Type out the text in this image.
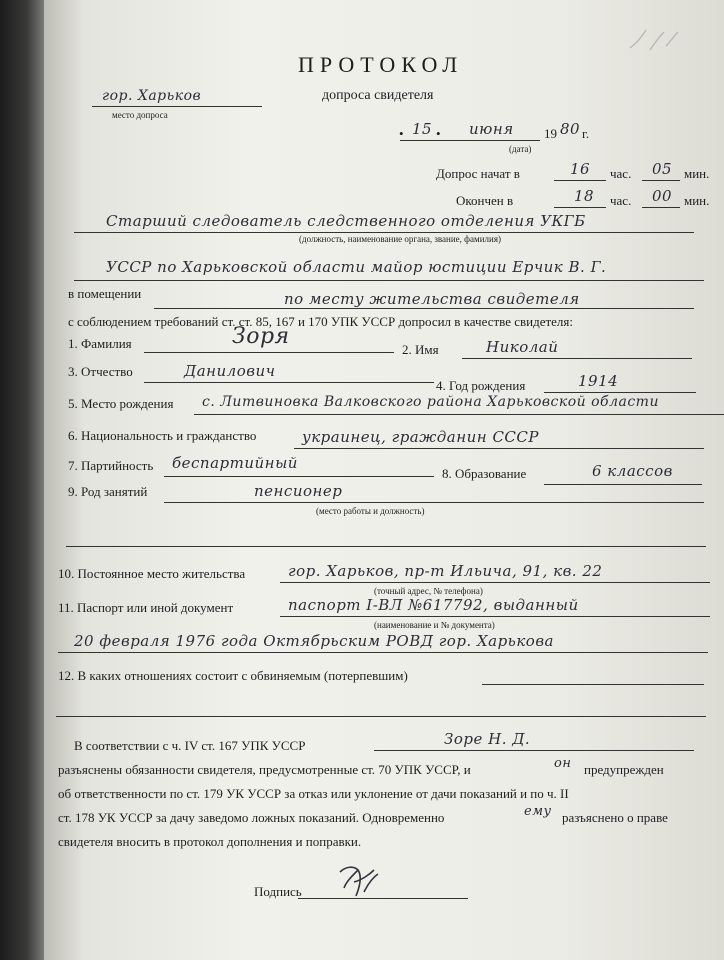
ПРОТОКОЛ
допроса свидетеля
гор. Харьков
место допроса
• 15 • июня 19 80 г.
(дата)
Допрос начат в	16 час. 05 мин.
Окончен в	18 час. 00 мин.
Старший следователь следственного отделения УКГБ
(должность, наименование органа, звание, фамилия)
УССР по Харьковской области майор юстиции Ерчик В. Г.
в помещении	по месту жительства свидетеля
с соблюдением требований ст. ст. 85, 167 и 170 УПК УССР допросил в качестве свидетеля:
1. Фамилия	Зоря
2. Имя	Николай
3. Отчество	Данилович
4. Год рождения	1914
5. Место рождения с. Литвиновка Валковского района Харьковской области
6. Национальность и гражданство	украинец, гражданин СССР
7. Партийность беспартийный
8. Образование	6 классов
9. Род занятий	пенсионер
(место работы и должность)
10. Постоянное место жительства	гор. Харьков, пр-т Ильича, 91, кв. 22
(точный адрес, № телефона)
11. Паспорт или иной документ	паспорт I-ВЛ №617792, выданный
(наименование и № документа)
20 февраля 1976 года Октябрьским РОВД гор. Харькова
12. В каких отношениях состоит с обвиняемым (потерпевшим)
В соответствии с ч. IV ст. 167 УПК УССР	Зоре Н. Д.
разъяснены обязанности свидетеля, предусмотренные ст. 70 УПК УССР, и	он предупрежден
об ответственности по ст. 179 УК УССР за отказ или уклонение от дачи показаний и по ч. II
ст. 178 УК УССР за дачу заведомо ложных показаний. Одновременно	ему разъяснено о праве
свидетеля вносить в протокол дополнения и поправки.
Подпись
